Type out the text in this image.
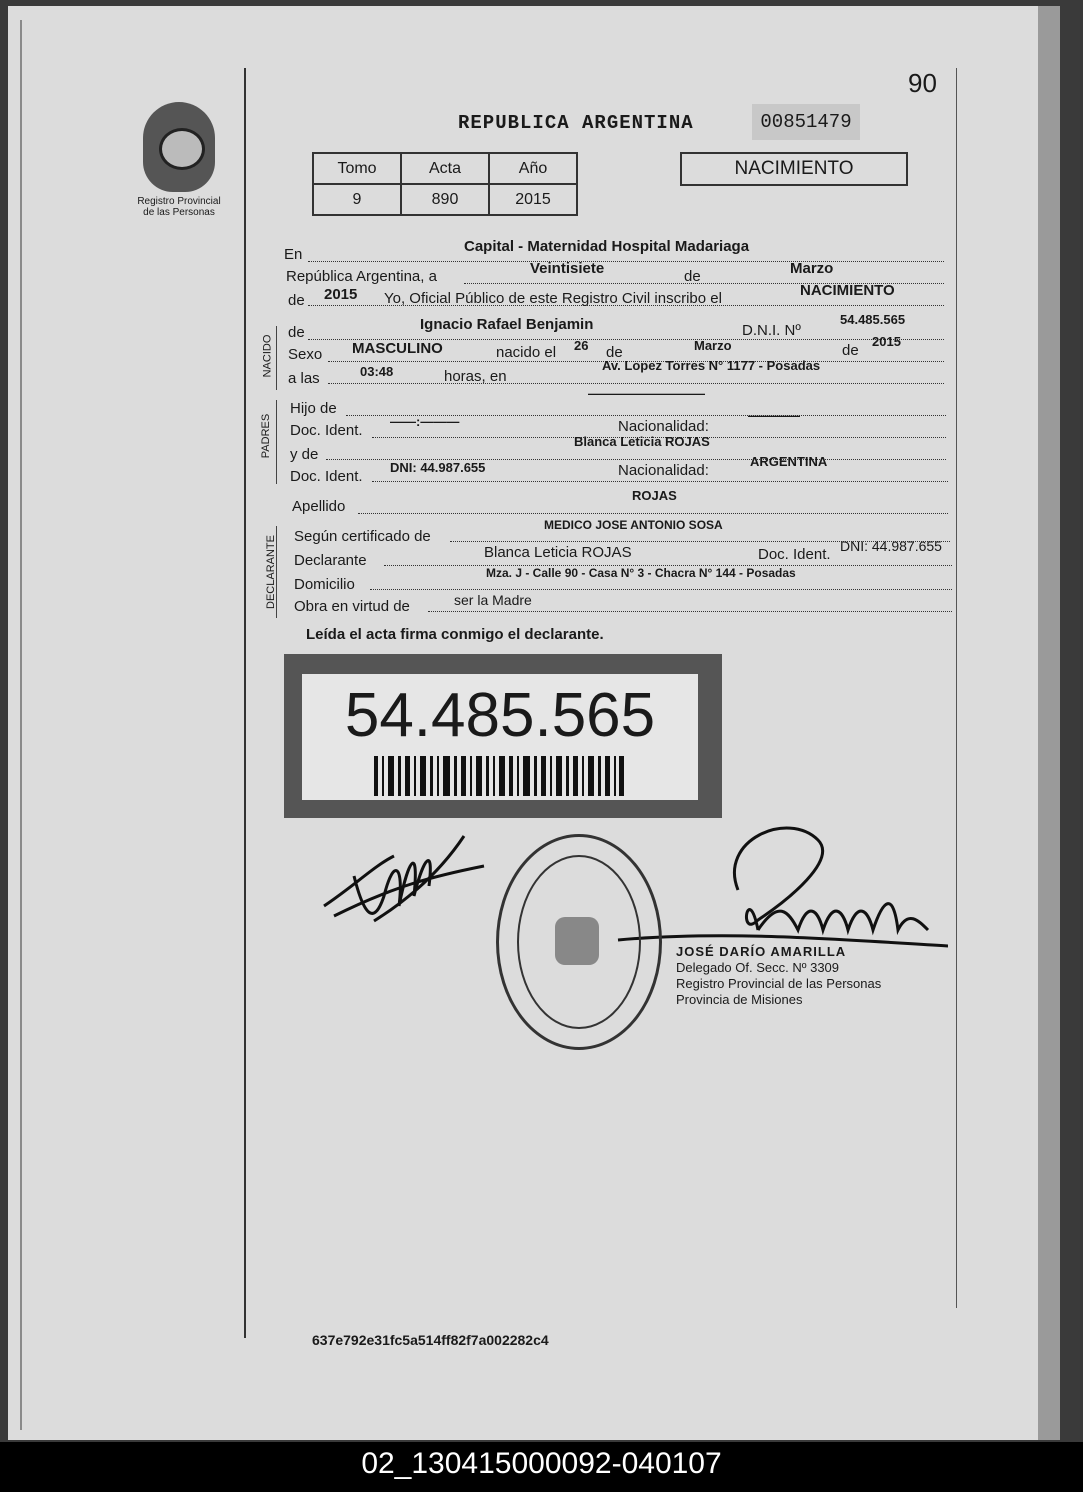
90
Registro Provincial
de las Personas
REPUBLICA ARGENTINA	00851479
Tomo	Acta	Año
9	890	2015
NACIMIENTO
NACIDO
PADRES
DECLARANTE
En	Capital - Maternidad Hospital Madariaga
República Argentina, a	Veintisiete	de	Marzo
de 2015 Yo, Oficial Público de este Registro Civil inscribo el	NACIMIENTO
de	Ignacio Rafael Benjamin	D.N.I. Nº
54.485.565
Sexo MASCULINO	nacido el 26 de	Marzo	de
2015
a las	03:48	horas, en
Av. Lopez Torres N° 1177 - Posadas
Hijo de
—————————
Doc. Ident.
——:———	Nacionalidad:
————
y de
Blanca Leticia ROJAS
Doc. Ident.
DNI: 44.987.655	Nacionalidad:
ARGENTINA
Apellido
ROJAS
Según certificado de
MEDICO JOSE ANTONIO SOSA
Declarante	Blanca Leticia ROJAS	Doc. Ident. DNI: 44.987.655
Domicilio
Mza. J - Calle 90 - Casa N° 3 - Chacra N° 144 - Posadas
Obra en virtud de	ser la Madre
Leída el acta firma conmigo el declarante.
54.485.565
JOSÉ DARÍO AMARILLA
Delegado Of. Secc. Nº 3309
Registro Provincial de las Personas
Provincia de Misiones
637e792e31fc5a514ff82f7a002282c4
02_130415000092-040107
